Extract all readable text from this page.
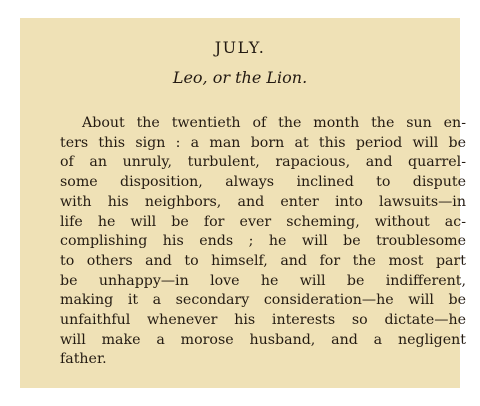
JULY.
Leo, or the Lion.
About the twentieth of the month the sun en-
ters this sign : a man born at this period will be
of an unruly, turbulent, rapacious, and quarrel-
some disposition, always inclined to dispute
with his neighbors, and enter into lawsuits—in
life he will be for ever scheming, without ac-
complishing his ends ; he will be troublesome
to others and to himself, and for the most part
be unhappy—in love he will be indifferent,
making it a secondary consideration—he will be
unfaithful whenever his interests so dictate—he
will make a morose husband, and a negligent
father.
